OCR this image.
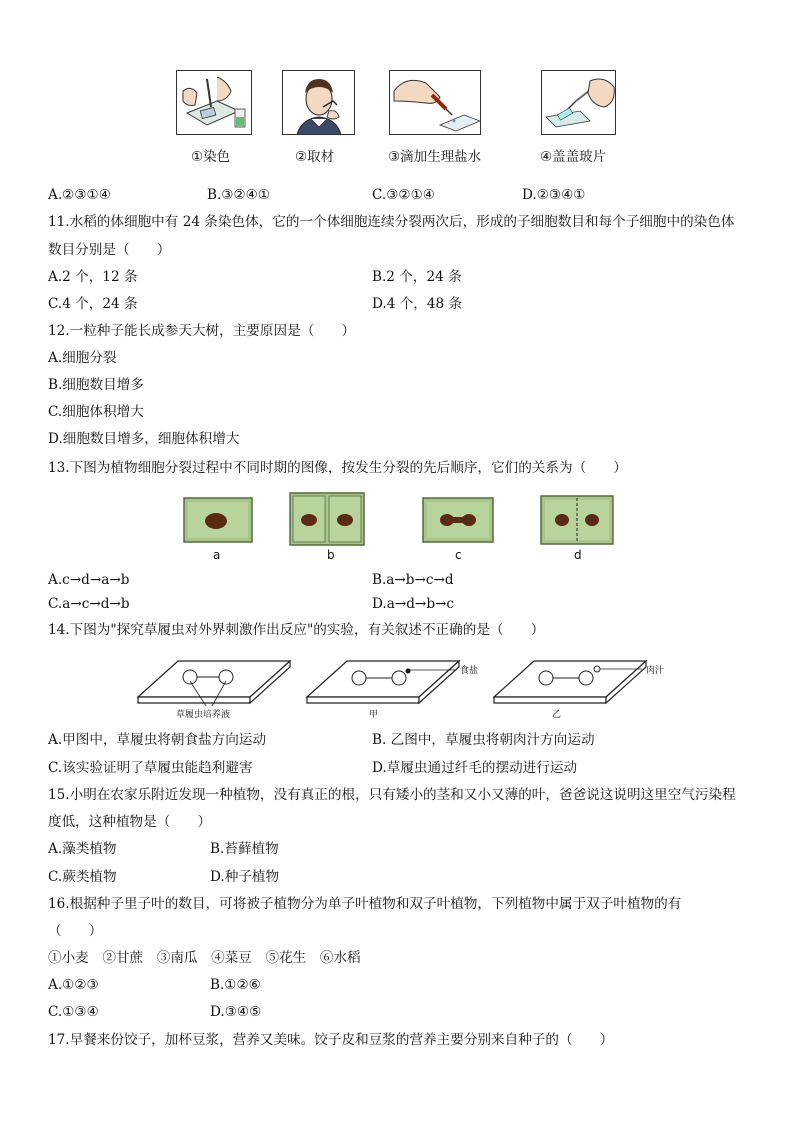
①染色	②取材	③滴加生理盐水	④盖盖玻片
A.②③①④	B.③②④①	C.③②①④	D.②③④①
11.水稻的体细胞中有 24 条染色体，它的一个体细胞连续分裂两次后，形成的子细胞数目和每个子细胞中的染色体
数目分别是（　　）
A.2 个，12 条	B.2 个，24 条
C.4 个，24 条	D.4 个，48 条
12.一粒种子能长成参天大树，主要原因是（　　）
A.细胞分裂
B.细胞数目增多
C.细胞体积增大
D.细胞数目增多，细胞体积增大
13.下图为植物细胞分裂过程中不同时期的图像，按发生分裂的先后顺序，它们的关系为（　　）
a	b	c	d
A.c→d→a→b	B.a→b→c→d
C.a→c→d→b	D.a→d→b→c
14.下图为"探究草履虫对外界刺激作出反应"的实验，有关叙述不正确的是（　　）
草履虫培养液	甲	乙
食盐	肉汁
A.甲图中，草履虫将朝食盐方向运动	B. 乙图中，草履虫将朝肉汁方向运动
C.该实验证明了草履虫能趋利避害	D.草履虫通过纤毛的摆动进行运动
15.小明在农家乐附近发现一种植物，没有真正的根，只有矮小的茎和又小又薄的叶，爸爸说这说明这里空气污染程
度低，这种植物是（　　）
A.藻类植物	B.苔藓植物
C.蕨类植物	D.种子植物
16.根据种子里子叶的数目，可将被子植物分为单子叶植物和双子叶植物，下列植物中属于双子叶植物的有
（　　）
①小麦　②甘蔗　③南瓜　④菜豆　⑤花生　⑥水稻
A.①②③	B.①②⑥
C.①③④	D.③④⑤
17.早餐来份饺子，加杯豆浆，营养又美味。饺子皮和豆浆的营养主要分别来自种子的（　　）
